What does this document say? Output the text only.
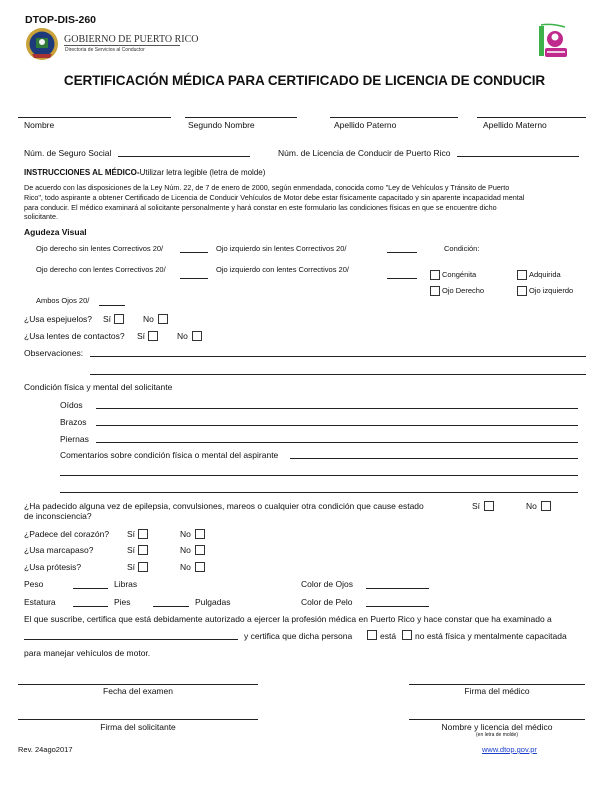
DTOP-DIS-260
GOBIERNO DE PUERTO RICO
Directoria de Servicios al Conductor
CERTIFICACIÓN MÉDICA PARA CERTIFICADO DE LICENCIA DE CONDUCIR
Nombre	Segundo Nombre	Apellido Paterno	Apellido Materno
Núm. de Seguro Social	Núm. de Licencia de Conducir de Puerto Rico
INSTRUCCIONES AL MÉDICO-Utilizar letra legible (letra de molde)
De acuerdo con las disposiciones de la Ley Núm. 22, de 7 de enero de 2000, según enmendada, conocida como "Ley de Vehículos y Tránsito de Puerto
Rico", todo aspirante a obtener Certificado de Licencia de Conducir Vehículos de Motor debe estar físicamente capacitado y sin aparente incapacidad mental
para conducir. El médico examinará al solicitante personalmente y hará constar en este formulario las condiciones físicas en que se encuentre dicho
solicitante.
Agudeza Visual
Ojo derecho sin lentes Correctivos 20/	Ojo izquierdo sin lentes Correctivos 20/	Condición:
Ojo derecho con lentes Correctivos 20/	Ojo izquierdo con lentes Correctivos 20/
Congénita	Adquirida
Ojo Derecho	Ojo izquierdo
Ambos Ojos 20/
¿Usa espejuelos? Sí	No
¿Usa lentes de contactos? Sí	No
Observaciones:
Condición física y mental del solicitante
Oídos
Brazos
Piernas
Comentarios sobre condición física o mental del aspirante
¿Ha padecido alguna vez de epilepsia, convulsiones, mareos o cualquier otra condición que cause estado
de inconsciencia?
Sí	No
¿Padece del corazón? Sí	No
¿Usa marcapaso?	Sí	No
¿Usa prótesis?	Sí	No
Peso	Libras	Color de Ojos
Estatura	Pies	Pulgadas	Color de Pelo
El que suscribe, certifica que está debidamente autorizado a ejercer la profesión médica en Puerto Rico y hace constar que ha examinado a
y certifica que dicha persona	está no está física y mentalmente capacitada
para manejar vehículos de motor.
Fecha del examen	Firma del médico
Firma del solicitante	Nombre y licencia del médico
(en letra de molde)
Rev. 24ago2017	www.dtop.gov.pr
